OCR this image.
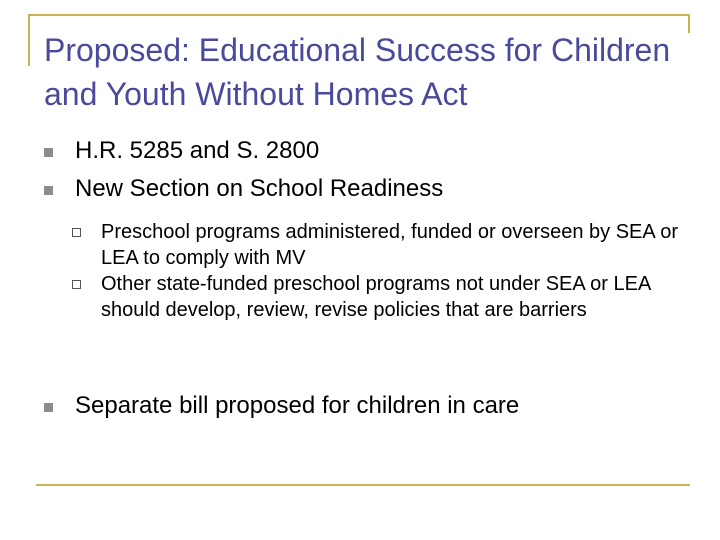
Proposed: Educational Success for Children and Youth Without Homes Act
H.R. 5285 and S. 2800
New Section on School Readiness
Preschool programs administered, funded or overseen by SEA or LEA to comply with MV
Other state-funded preschool programs not under SEA or LEA should develop, review, revise policies that are barriers
Separate bill proposed for children in care
